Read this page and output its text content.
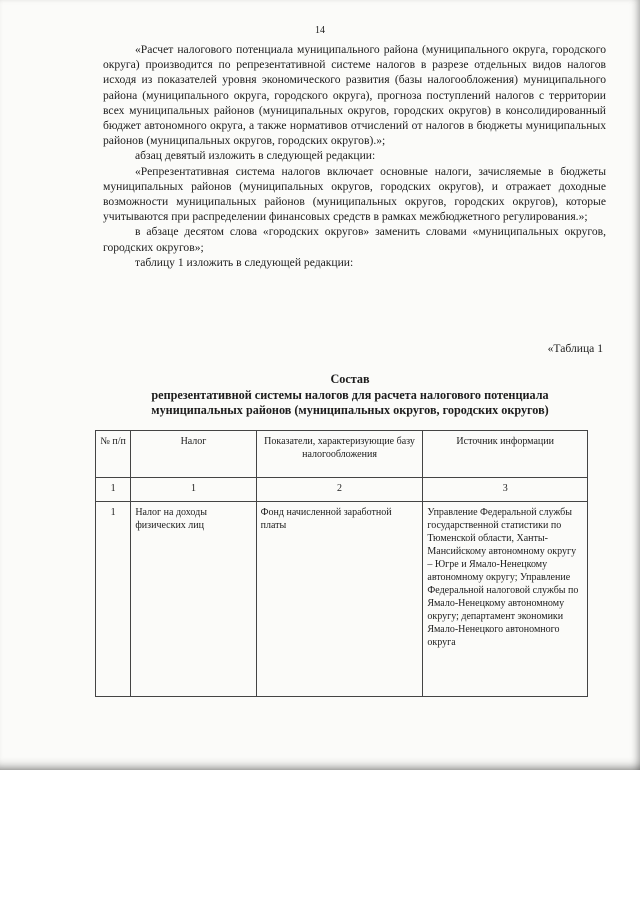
14

«Расчет налогового потенциала муниципального района (муниципального округа, городского округа) производится по репрезентативной системе налогов в разрезе отдельных видов налогов исходя из показателей уровня экономического развития (базы налогообложения) муниципального района (муниципального округа, городского округа), прогноза поступлений налогов с территории всех муниципальных районов (муниципальных округов, городских округов) в консолидированный бюджет автономного округа, а также нормативов отчислений от налогов в бюджеты муниципальных районов (муниципальных округов, городских округов).»;

абзац девятый изложить в следующей редакции:

«Репрезентативная система налогов включает основные налоги, зачисляемые в бюджеты муниципальных районов (муниципальных округов, городских округов), и отражает доходные возможности муниципальных районов (муниципальных округов, городских округов), которые учитываются при распределении финансовых средств в рамках межбюджетного регулирования.»;

в абзаце десятом слова «городских округов» заменить словами «муниципальных округов, городских округов»;

таблицу 1 изложить в следующей редакции:

«Таблица 1
Состав
репрезентативной системы налогов для расчета налогового потенциала
муниципальных районов (муниципальных округов, городских округов)
№ п/п	Налог	Показатели, характеризующие базу налогообложения	Источник информации
1	1	2	3
1	Налог на доходы физических лиц	Фонд начисленной заработной платы	Управление Федеральной службы государственной статистики по Тюменской области, Ханты-Мансийскому автономному округу – Югре и Ямало-Ненецкому автономному округу; Управление Федеральной налоговой службы по Ямало-Ненецкому автономному округу; департамент экономики Ямало-Ненецкого автономного округа
